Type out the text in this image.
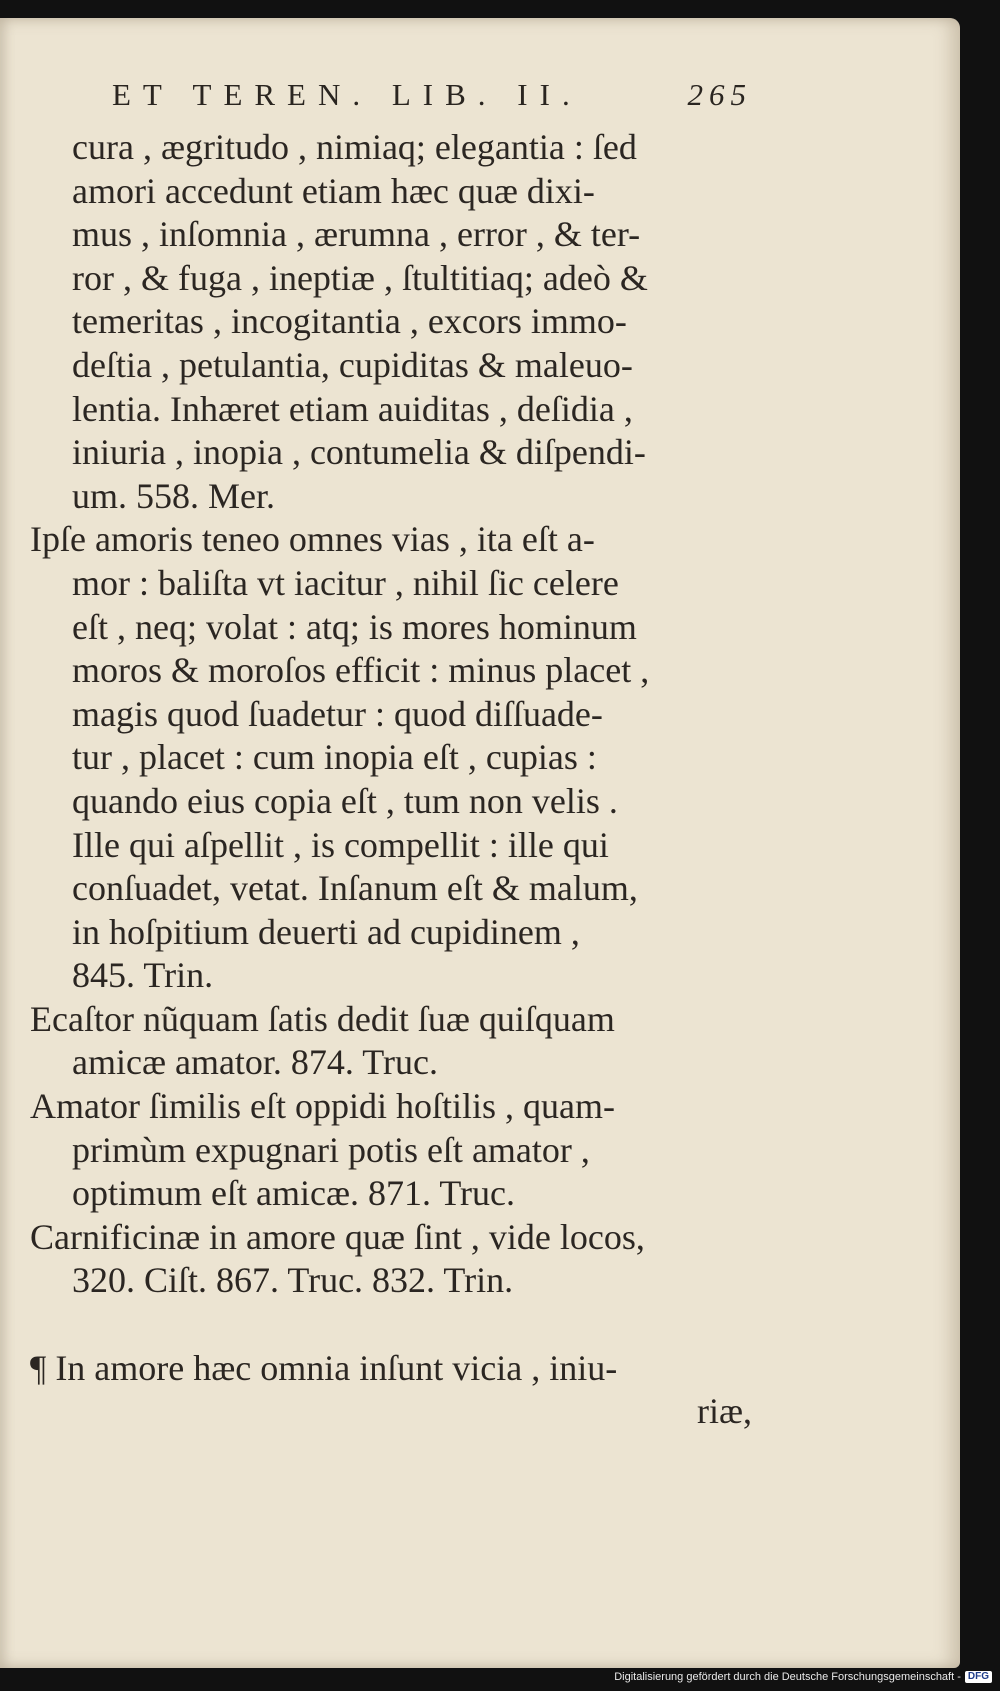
ET TEREN. LIB. II.	265
cura , ægritudo , nimiaq; elegantia : ſed
amori accedunt etiam hæc quæ dixi-
mus , inſomnia , ærumna , error , & ter-
ror , & fuga , ineptiæ , ſtultitiaq; adeò &
temeritas , incogitantia , excors immo-
deſtia , petulantia, cupiditas & maleuo-
lentia. Inhæret etiam auiditas , deſidia ,
iniuria , inopia , contumelia & diſpendi-
um. 558. Mer.
Ipſe amoris teneo omnes vias , ita eſt a-
mor : baliſta vt iacitur , nihil ſic celere
eſt , neq; volat : atq; is mores hominum
moros & moroſos efficit : minus placet ,
magis quod ſuadetur : quod diſſuade-
tur , placet : cum inopia eſt , cupias :
quando eius copia eſt , tum non velis .
Ille qui aſpellit , is compellit : ille qui
conſuadet, vetat. Inſanum eſt & malum,
in hoſpitium deuerti ad cupidinem ,
845. Trin.
Ecaſtor nũquam ſatis dedit ſuæ quiſquam
amicæ amator. 874. Truc.
Amator ſimilis eſt oppidi hoſtilis , quam-
primùm expugnari potis eſt amator ,
optimum eſt amicæ. 871. Truc.
Carnificinæ in amore quæ ſint , vide locos,
320. Ciſt. 867. Truc. 832. Trin.
¶ In amore hæc omnia inſunt vicia , iniu-
riæ,
Digitalisierung gefördert durch die Deutsche Forschungsgemeinschaft - DFG
